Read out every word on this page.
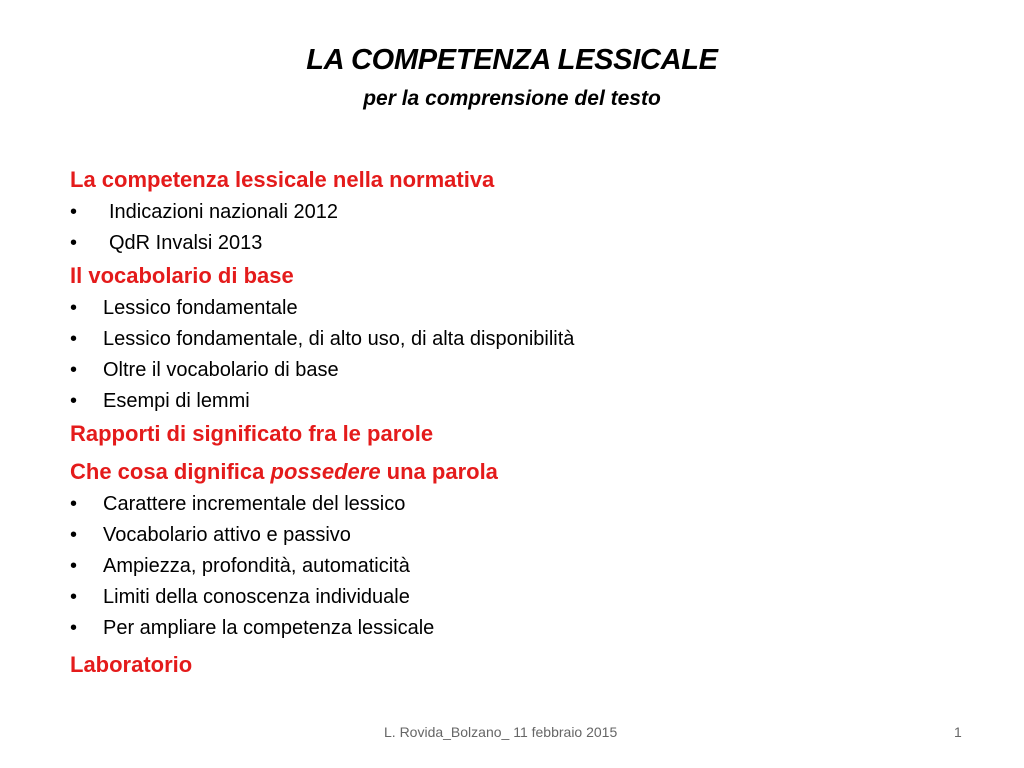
LA COMPETENZA LESSICALE
per la comprensione del testo
La competenza lessicale nella normativa
• Indicazioni nazionali 2012
• QdR Invalsi 2013
Il vocabolario di base
• Lessico fondamentale
• Lessico fondamentale, di alto uso, di alta disponibilità
• Oltre il vocabolario di base
• Esempi di lemmi
Rapporti di significato fra le parole
Che cosa dignifica possedere una parola
• Carattere incrementale del lessico
• Vocabolario attivo e passivo
• Ampiezza, profondità, automaticità
• Limiti della conoscenza individuale
• Per ampliare la competenza lessicale
Laboratorio
L. Rovida_Bolzano_ 11 febbraio 2015	1
